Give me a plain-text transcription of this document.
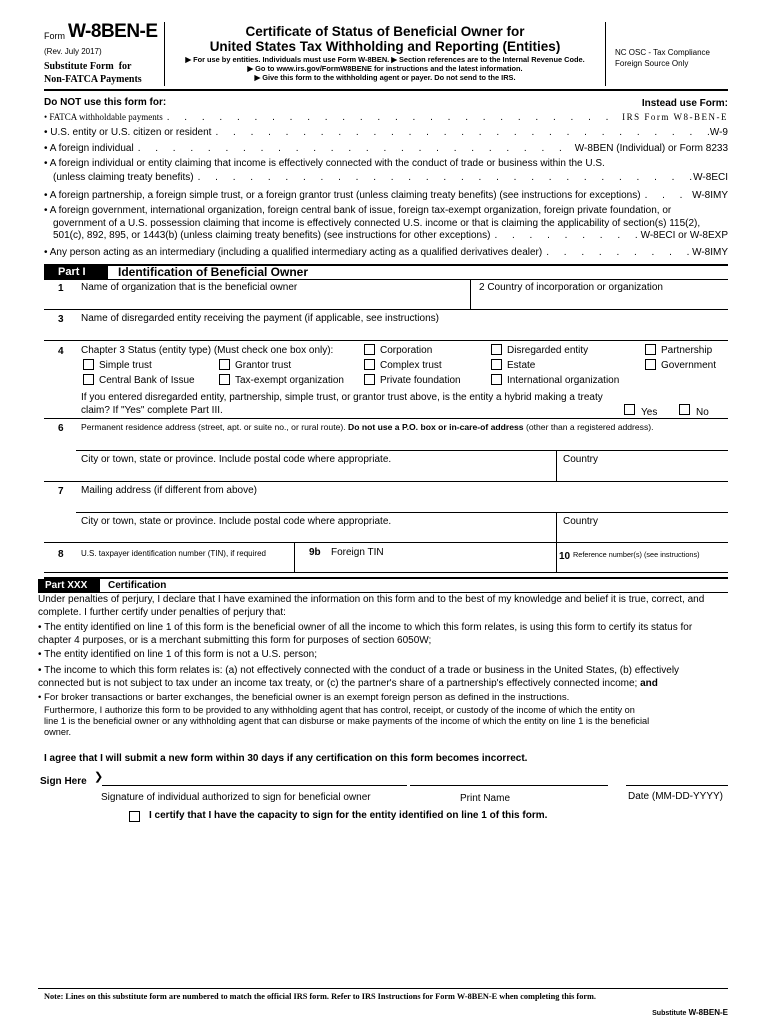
Form W-8BEN-E
(Rev. July 2017)
Substitute Form  for
Non-FATCA Payments
Certificate of Status of Beneficial Owner for
United States Tax Withholding and Reporting (Entities)
▶ For use by entities. Individuals must use Form W-8BEN. ▶ Section references are to the Internal Revenue Code.
▶ Go to www.irs.gov/FormW8BENE for instructions and the latest information.
▶ Give this form to the withholding agent or payer. Do not send to the IRS.
NC OSC - Tax Compliance
Foreign Source Only
Do NOT use this form for:	Instead use Form:
• FATCA withholdable payments . . .	IRS Form W8-BEN-E
• U.S. entity or U.S. citizen or resident . . .	W-9
• A foreign individual . . .	W-8BEN (Individual) or Form 8233
• A foreign individual or entity claiming that income is effectively connected with the conduct of trade or business within the U.S.
(unless claiming treaty benefits) . . .	W-8ECI
• A foreign partnership, a foreign simple trust, or a foreign grantor trust (unless claiming treaty benefits) (see instructions for exceptions) . . .	W-8IMY
• A foreign government, international organization, foreign central bank of issue, foreign tax-exempt organization, foreign private foundation, or
government of a U.S. possession claiming that income is effectively connected U.S. income or that is claiming the applicability of section(s) 115(2),
501(c), 892, 895, or 1443(b) (unless claiming treaty benefits) (see instructions for other exceptions) . . .	W-8ECI or W-8EXP
• Any person acting as an intermediary (including a qualified intermediary acting as a qualified derivatives dealer) . . .	W-8IMY
Part I	Identification of Beneficial Owner
1 Name of organization that is the beneficial owner	2 Country of incorporation or organization
3 Name of disregarded entity receiving the payment (if applicable, see instructions)
4 Chapter 3 Status (entity type) (Must check one box only):	Corporation	Disregarded entity	Partnership
Simple trust	Grantor trust	Complex trust	Estate	Government
Central Bank of Issue	Tax-exempt organization	Private foundation	International organization
If you entered disregarded entity, partnership, simple trust, or grantor trust above, is the entity a hybrid making a treaty
claim? If "Yes" complete Part III.	Yes	No
6 Permanent residence address (street, apt. or suite no., or rural route). Do not use a P.O. box or in-care-of address (other than a registered address).
City or town, state or province. Include postal code where appropriate.	Country
7 Mailing address (if different from above)
City or town, state or province. Include postal code where appropriate.	Country
8 U.S. taxpayer identification number (TIN), if required	9b Foreign TIN	10 Reference number(s) (see instructions)
Part XXX	Certification
Under penalties of perjury, I declare that I have examined the information on this form and to the best of my knowledge and belief it is true, correct, and
complete. I further certify under penalties of perjury that:
• The entity identified on line 1 of this form is the beneficial owner of all the income to which this form relates, is using this form to certify its status for
chapter 4 purposes, or is a merchant submitting this form for purposes of section 6050W;
• The entity identified on line 1 of this form is not a U.S. person;
• The income to which this form relates is: (a) not effectively connected with the conduct of a trade or business in the United States, (b) effectively
connected but is not subject to tax under an income tax treaty, or (c) the partner's share of a partnership's effectively connected income; and
• For broker transactions or barter exchanges, the beneficial owner is an exempt foreign person as defined in the instructions.
Furthermore, I authorize this form to be provided to any withholding agent that has control, receipt, or custody of the income of which the entity on
line 1 is the beneficial owner or any withholding agent that can disburse or make payments of the income of which the entity on line 1 is the beneficial
owner.
I agree that I will submit a new form within 30 days if any certification on this form becomes incorrect.
Sign Here ❯
Signature of individual authorized to sign for beneficial owner	Print Name	Date (MM-DD-YYYY)
I certify that I have the capacity to sign for the entity identified on line 1 of this form.
Note: Lines on this substitute form are numbered to match the official IRS form. Refer to IRS Instructions for Form W-8BEN-E when completing this form.
Substitute W-8BEN-E
